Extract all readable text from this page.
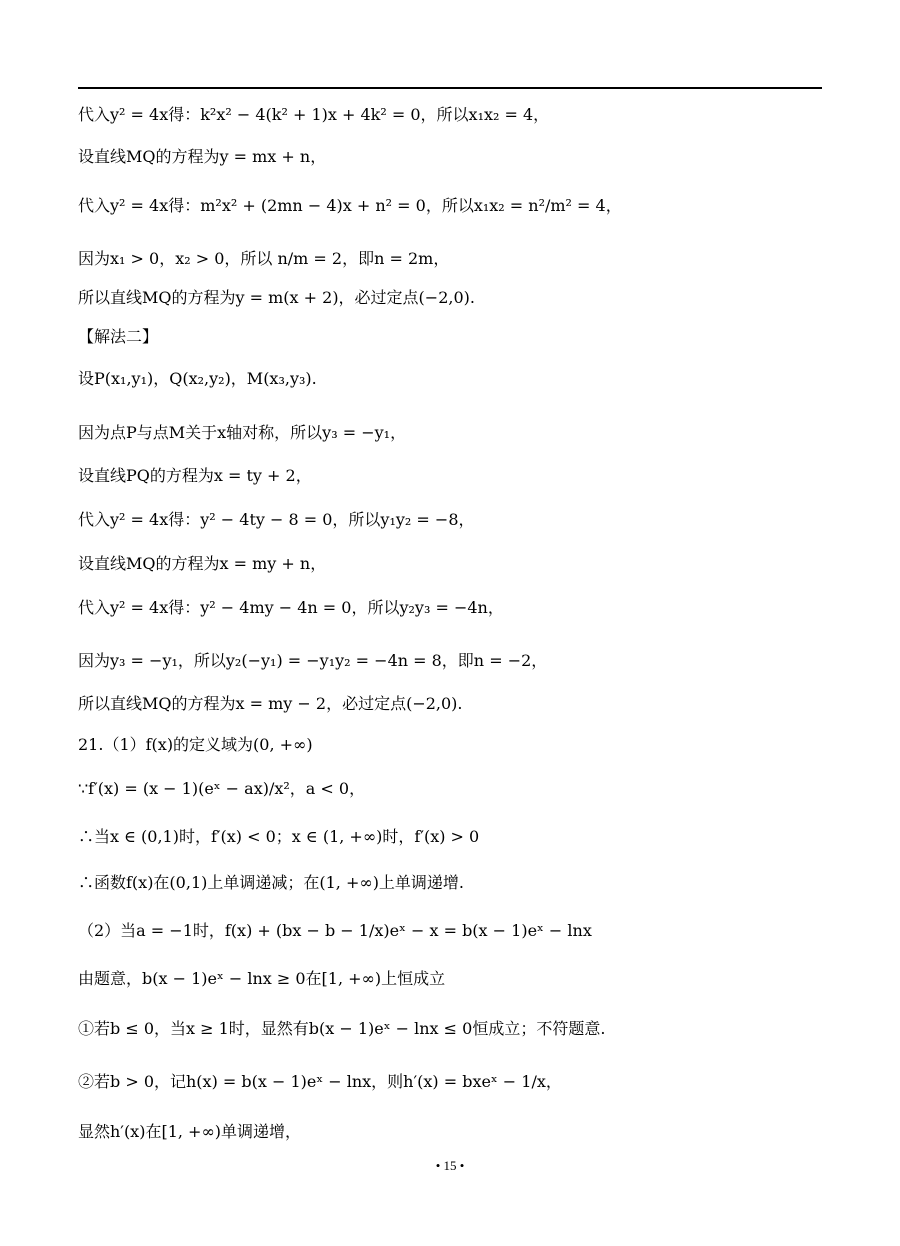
代入y² = 4x得：k²x² − 4(k² + 1)x + 4k² = 0，所以x₁x₂ = 4，
设直线MQ的方程为y = mx + n，
代入y² = 4x得：m²x² + (2mn − 4)x + n² = 0，所以x₁x₂ = n²/m² = 4，
因为x₁ > 0，x₂ > 0，所以 n/m = 2，即n = 2m，
所以直线MQ的方程为y = m(x + 2)，必过定点(−2,0).
【解法二】
设P(x₁,y₁)，Q(x₂,y₂)，M(x₃,y₃).
因为点P与点M关于x轴对称，所以y₃ = −y₁，
设直线PQ的方程为x = ty + 2，
代入y² = 4x得：y² − 4ty − 8 = 0，所以y₁y₂ = −8，
设直线MQ的方程为x = my + n，
代入y² = 4x得：y² − 4my − 4n = 0，所以y₂y₃ = −4n，
因为y₃ = −y₁，所以y₂(−y₁) = −y₁y₂ = −4n = 8，即n = −2，
所以直线MQ的方程为x = my − 2，必过定点(−2,0).
21.（1）f(x)的定义域为(0, +∞)
∵f′(x) = (x − 1)(eˣ − ax)/x²，a < 0，
∴当x ∈ (0,1)时，f′(x) < 0；x ∈ (1, +∞)时，f′(x) > 0
∴函数f(x)在(0,1)上单调递减；在(1, +∞)上单调递增.
（2）当a = −1时，f(x) + (bx − b − 1/x)eˣ − x = b(x − 1)eˣ − lnx
由题意，b(x − 1)eˣ − lnx ≥ 0在[1, +∞)上恒成立
①若b ≤ 0，当x ≥ 1时，显然有b(x − 1)eˣ − lnx ≤ 0恒成立；不符题意.
②若b > 0，记h(x) = b(x − 1)eˣ − lnx，则h′(x) = bxeˣ − 1/x，
显然h′(x)在[1, +∞)单调递增，
• 15 •
